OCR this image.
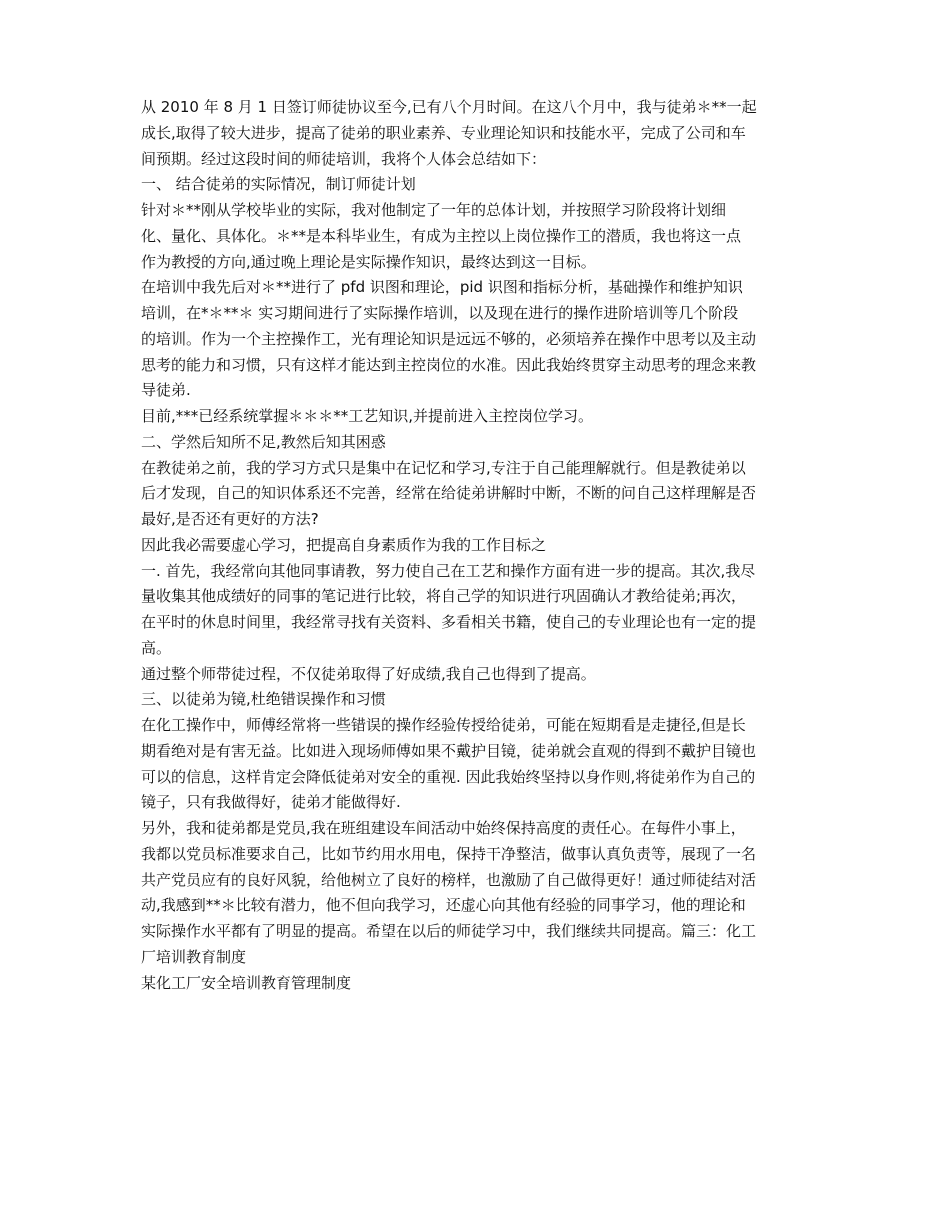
从 2010 年 8 月 1 日签订师徒协议至今,已有八个月时间。在这八个月中，我与徒弟＊**一起
成长,取得了较大进步，提高了徒弟的职业素养、专业理论知识和技能水平，完成了公司和车
间预期。经过这段时间的师徒培训，我将个人体会总结如下：
一、 结合徒弟的实际情况，制订师徒计划
针对＊**刚从学校毕业的实际，我对他制定了一年的总体计划，并按照学习阶段将计划细
化、量化、具体化。＊**是本科毕业生，有成为主控以上岗位操作工的潜质，我也将这一点
作为教授的方向,通过晚上理论是实际操作知识，最终达到这一目标。
在培训中我先后对＊**进行了 pfd 识图和理论，pid 识图和指标分析，基础操作和维护知识
培训，在*＊**＊ 实习期间进行了实际操作培训，以及现在进行的操作进阶培训等几个阶段
的培训。作为一个主控操作工，光有理论知识是远远不够的，必须培养在操作中思考以及主动
思考的能力和习惯，只有这样才能达到主控岗位的水准。因此我始终贯穿主动思考的理念来教
导徒弟.
目前,***已经系统掌握＊＊＊**工艺知识,并提前进入主控岗位学习。
二、学然后知所不足,教然后知其困惑
在教徒弟之前，我的学习方式只是集中在记忆和学习,专注于自己能理解就行。但是教徒弟以
后才发现，自己的知识体系还不完善，经常在给徒弟讲解时中断，不断的问自己这样理解是否
最好,是否还有更好的方法?
因此我必需要虚心学习，把提高自身素质作为我的工作目标之
一. 首先，我经常向其他同事请教，努力使自己在工艺和操作方面有进一步的提高。其次,我尽
量收集其他成绩好的同事的笔记进行比较，将自己学的知识进行巩固确认才教给徒弟;再次，
在平时的休息时间里，我经常寻找有关资料、多看相关书籍，使自己的专业理论也有一定的提
高。
通过整个师带徒过程，不仅徒弟取得了好成绩,我自己也得到了提高。
三、以徒弟为镜,杜绝错误操作和习惯
在化工操作中，师傅经常将一些错误的操作经验传授给徒弟，可能在短期看是走捷径,但是长
期看绝对是有害无益。比如进入现场师傅如果不戴护目镜，徒弟就会直观的得到不戴护目镜也
可以的信息，这样肯定会降低徒弟对安全的重视. 因此我始终坚持以身作则,将徒弟作为自己的
镜子，只有我做得好，徒弟才能做得好.
另外，我和徒弟都是党员,我在班组建设车间活动中始终保持高度的责任心。在每件小事上，
我都以党员标准要求自己，比如节约用水用电，保持干净整洁，做事认真负责等，展现了一名
共产党员应有的良好风貌，给他树立了良好的榜样，也激励了自己做得更好！通过师徒结对活
动,我感到**＊比较有潜力，他不但向我学习，还虚心向其他有经验的同事学习，他的理论和
实际操作水平都有了明显的提高。希望在以后的师徒学习中，我们继续共同提高。篇三：化工
厂培训教育制度
某化工厂安全培训教育管理制度
